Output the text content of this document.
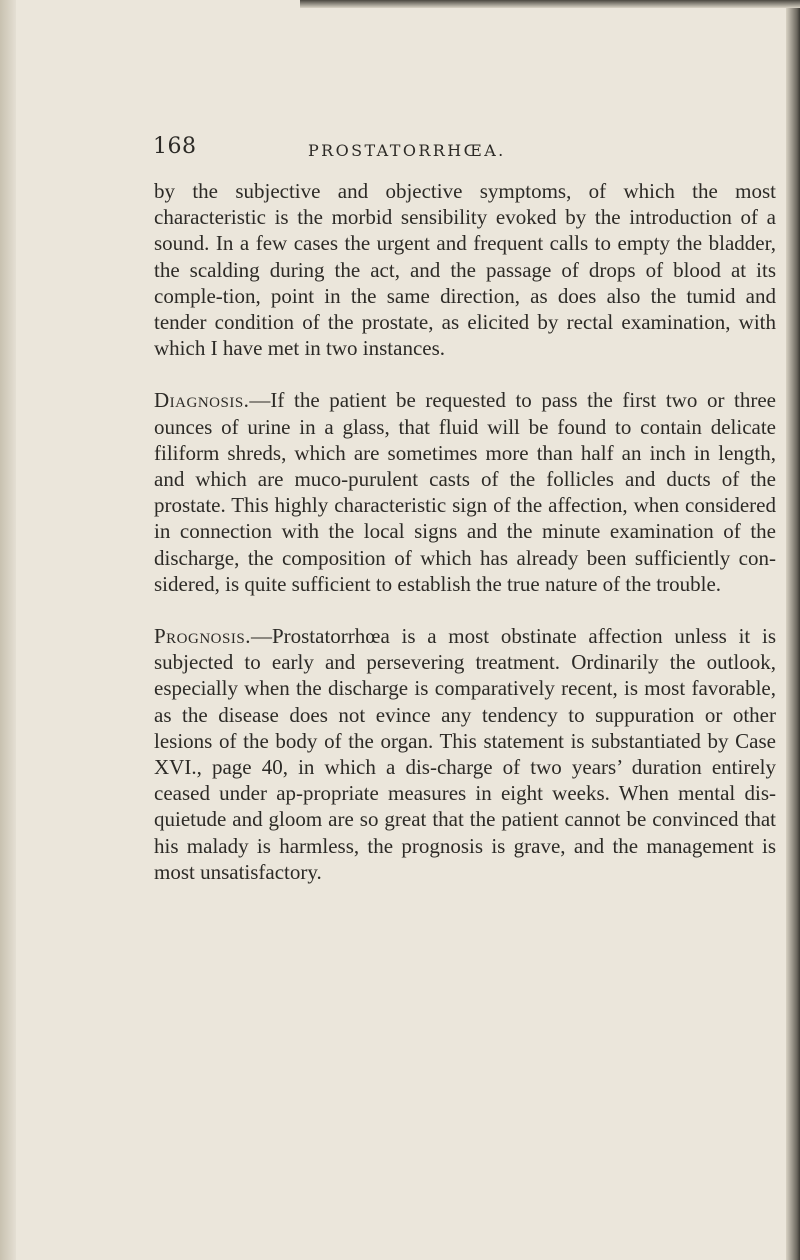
168	PROSTATORRHŒA.

by the subjective and objective symptoms, of which the most characteristic is the morbid sensibility evoked by the introduction of a sound. In a few cases the urgent and frequent calls to empty the bladder, the scalding during the act, and the passage of drops of blood at its comple-tion, point in the same direction, as does also the tumid and tender condition of the prostate, as elicited by rectal examination, with which I have met in two instances.

Diagnosis.—If the patient be requested to pass the first two or three ounces of urine in a glass, that fluid will be found to contain delicate filiform shreds, which are sometimes more than half an inch in length, and which are muco-purulent casts of the follicles and ducts of the prostate. This highly characteristic sign of the affection, when considered in connection with the local signs and the minute examination of the discharge, the composition of which has already been sufficiently con-sidered, is quite sufficient to establish the true nature of the trouble.

Prognosis.—Prostatorrhœa is a most obstinate affection unless it is subjected to early and persevering treatment. Ordinarily the outlook, especially when the discharge is comparatively recent, is most favorable, as the disease does not evince any tendency to suppuration or other lesions of the body of the organ. This statement is substantiated by Case XVI., page 40, in which a dis-charge of two years’ duration entirely ceased under ap-propriate measures in eight weeks. When mental dis-quietude and gloom are so great that the patient cannot be convinced that his malady is harmless, the prognosis is grave, and the management is most unsatisfactory.
